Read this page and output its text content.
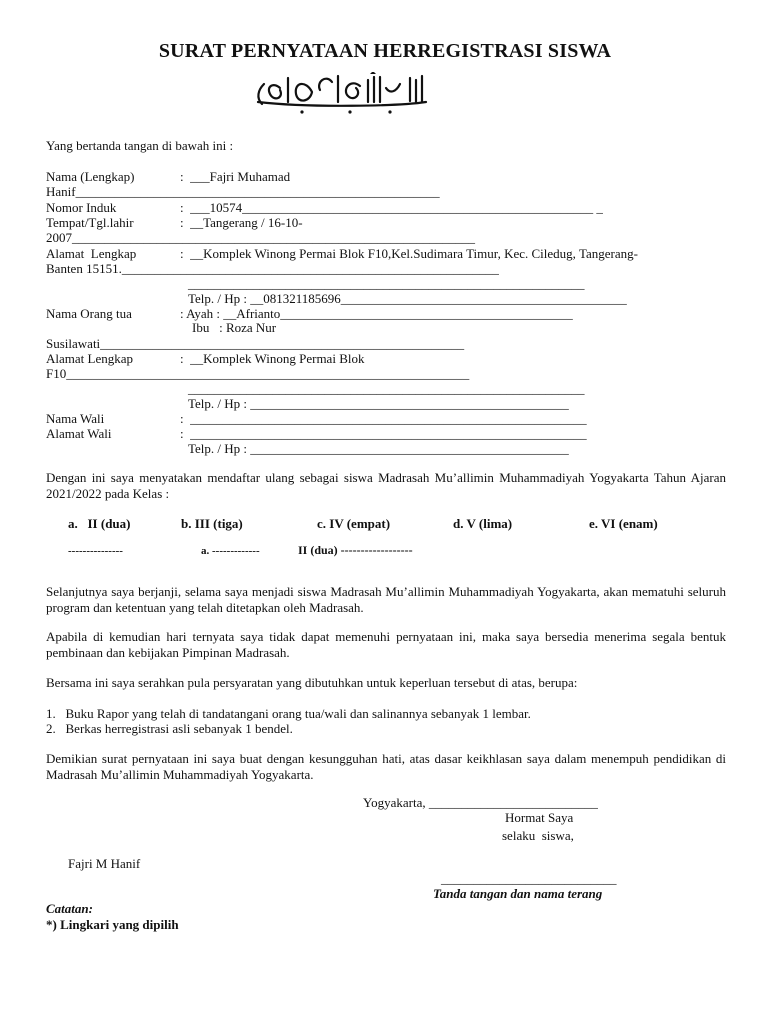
SURAT PERNYATAAN HERREGISTRASI SISWA
Yang bertanda tangan di bawah ini :
Nama (Lengkap)	:  ___Fajri Muhamad
Hanif________________________________________________________
Nomor Induk	:  ___10574______________________________________________________ _
Tempat/Tgl.lahir	:  __Tangerang / 16-10-
2007______________________________________________________________
Alamat  Lengkap	:  __Komplek Winong Permai Blok F10,Kel.Sudimara Timur, Kec. Ciledug, Tangerang-
Banten 15151.__________________________________________________________
_____________________________________________________________
Telp. / Hp : __081321185696____________________________________________
Nama Orang tua	: Ayah : __Afrianto_____________________________________________
Ibu   : Roza Nur
Susilawati________________________________________________________
Alamat Lengkap	:  __Komplek Winong Permai Blok
F10______________________________________________________________
_____________________________________________________________
Telp. / Hp : _________________________________________________
Nama Wali	:  _____________________________________________________________
Alamat Wali	:  _____________________________________________________________
Telp. / Hp : _________________________________________________
Dengan ini saya menyatakan mendaftar ulang sebagai siswa Madrasah Mu’allimin Muhammadiyah Yogyakarta Tahun Ajaran 2021/2022 pada Kelas :
a.   II (dua)	b. III (tiga)	c. IV (empat)	d. V (lima)	e. VI (enam)
---------------	a. -------------	II (dua) ------------------
Selanjutnya saya berjanji, selama saya menjadi siswa Madrasah Mu’allimin Muhammadiyah Yogyakarta, akan mematuhi seluruh program dan ketentuan yang telah ditetapkan oleh Madrasah.
Apabila di kemudian hari ternyata saya tidak dapat memenuhi pernyataan ini, maka saya bersedia menerima segala bentuk pembinaan dan kebijakan Pimpinan Madrasah.
Bersama ini saya serahkan pula persyaratan yang dibutuhkan untuk keperluan tersebut di atas, berupa:
1.   Buku Rapor yang telah di tandatangani orang tua/wali dan salinannya sebanyak 1 lembar.
2.   Berkas herregistrasi asli sebanyak 1 bendel.
Demikian surat pernyataan ini saya buat dengan kesungguhan hati, atas dasar keikhlasan saya dalam menempuh pendidikan di Madrasah Mu’allimin Muhammadiyah Yogyakarta.
Yogyakarta, __________________________
Hormat Saya
selaku  siswa,
Fajri M Hanif
___________________________
Tanda tangan dan nama terang
Catatan:
*) Lingkari yang dipilih
